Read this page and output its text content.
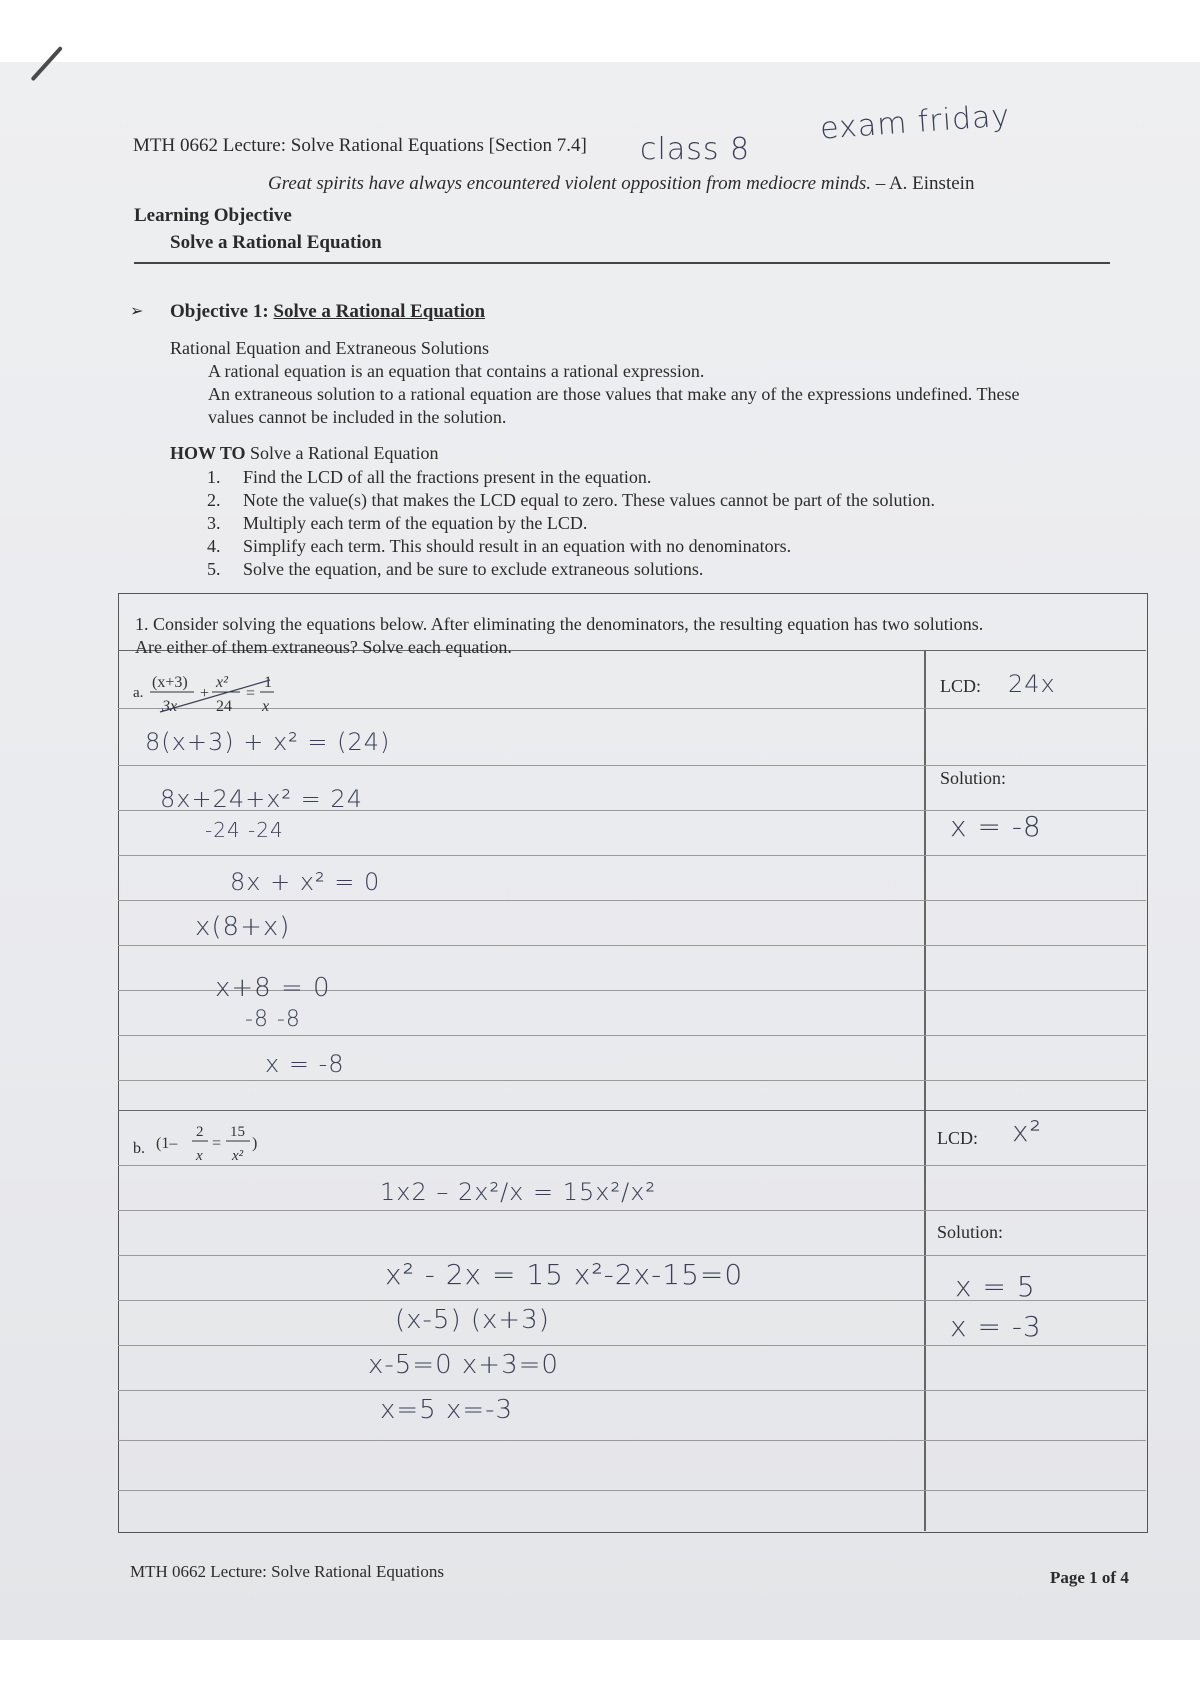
MTH 0662 Lecture: Solve Rational Equations [Section 7.4] class 8
exam friday
Great spirits have always encountered violent opposition from mediocre minds. – A. Einstein
Learning Objective
Solve a Rational Equation
➢ Objective 1: Solve a Rational Equation
Rational Equation and Extraneous Solutions
A rational equation is an equation that contains a rational expression.
An extraneous solution to a rational equation are those values that make any of the expressions undefined. These
values cannot be included in the solution.
HOW TO Solve a Rational Equation
1. Find the LCD of all the fractions present in the equation.
2. Note the value(s) that makes the LCD equal to zero. These values cannot be part of the solution.
3. Multiply each term of the equation by the LCD.
4. Simplify each term. This should result in an equation with no denominators.
5. Solve the equation, and be sure to exclude extraneous solutions.
1. Consider solving the equations below. After eliminating the denominators, the resulting equation has two solutions.
Are either of them extraneous? Solve each equation.
a.
(x+3)
3x
+
x²
24
=
1
x
8(x+3) + x² = (24)
8x+24+x² = 24
-24 -24
8x + x² = 0
x(8+x)
x+8 = 0
-8 -8
x = -8
LCD: 24x
Solution:
x = -8
b. (1–
2
x
=
15
x²
)
1x2 – 2x²/x = 15x²/x²
x² - 2x = 15 x²-2x-15=0
(x-5) (x+3)
x-5=0 x+3=0
x=5 x=-3
LCD: x²
Solution:
x = 5
x = -3
MTH 0662 Lecture: Solve Rational Equations	Page 1 of 4
